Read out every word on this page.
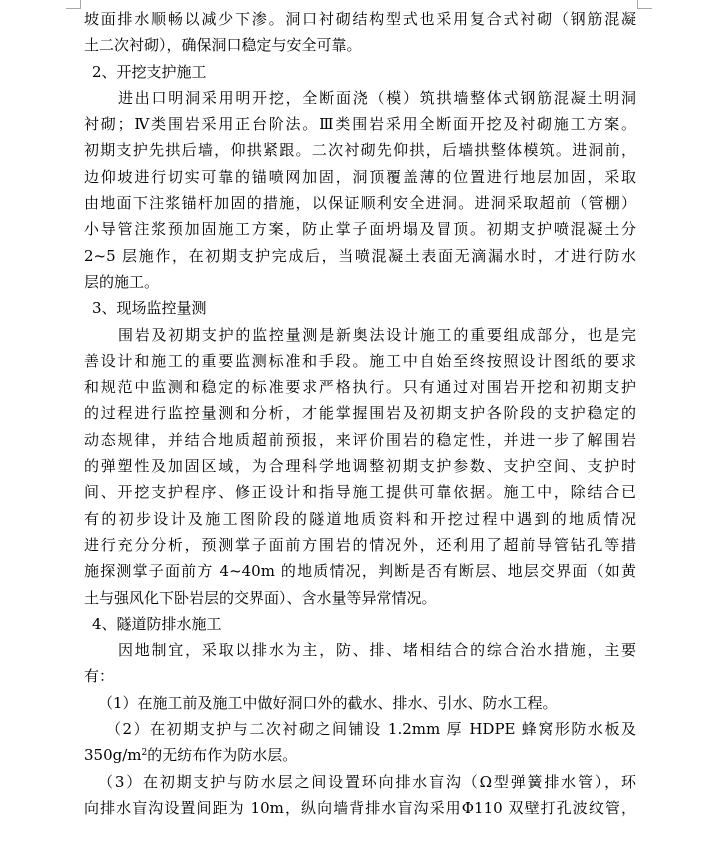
坡面排水顺畅以减少下渗。洞口衬砌结构型式也采用复合式衬砌（钢筋混凝
土二次衬砌），确保洞口稳定与安全可靠。
2、开挖支护施工
进出口明洞采用明开挖，全断面浇（模）筑拱墙整体式钢筋混凝土明洞
衬砌；Ⅳ类围岩采用正台阶法。Ⅲ类围岩采用全断面开挖及衬砌施工方案。
初期支护先拱后墙，仰拱紧跟。二次衬砌先仰拱，后墙拱整体模筑。进洞前，
边仰坡进行切实可靠的锚喷网加固，洞顶覆盖薄的位置进行地层加固，采取
由地面下注浆锚杆加固的措施，以保证顺利安全进洞。进洞采取超前（管棚）
小导管注浆预加固施工方案，防止掌子面坍塌及冒顶。初期支护喷混凝土分
2~5 层施作，在初期支护完成后，当喷混凝土表面无滴漏水时，才进行防水
层的施工。
3、现场监控量测
围岩及初期支护的监控量测是新奥法设计施工的重要组成部分，也是完
善设计和施工的重要监测标准和手段。施工中自始至终按照设计图纸的要求
和规范中监测和稳定的标准要求严格执行。只有通过对围岩开挖和初期支护
的过程进行监控量测和分析，才能掌握围岩及初期支护各阶段的支护稳定的
动态规律，并结合地质超前预报，来评价围岩的稳定性，并进一步了解围岩
的弹塑性及加固区域，为合理科学地调整初期支护参数、支护空间、支护时
间、开挖支护程序、修正设计和指导施工提供可靠依据。施工中，除结合已
有的初步设计及施工图阶段的隧道地质资料和开挖过程中遇到的地质情况
进行充分分析，预测掌子面前方围岩的情况外，还利用了超前导管钻孔等措
施探测掌子面前方 4~40m 的地质情况，判断是否有断层、地层交界面（如黄
土与强风化下卧岩层的交界面）、含水量等异常情况。
4、隧道防排水施工
因地制宜，采取以排水为主，防、排、堵相结合的综合治水措施，主要
有：
（1）在施工前及施工中做好洞口外的截水、排水、引水、防水工程。
（2）在初期支护与二次衬砌之间铺设 1.2mm 厚 HDPE 蜂窝形防水板及
$350g/m^2$的无纺布作为防水层。
（3）在初期支护与防水层之间设置环向排水盲沟（Ω型弹簧排水管），环
向排水盲沟设置间距为 10m，纵向墙背排水盲沟采用Φ110 双壁打孔波纹管，
